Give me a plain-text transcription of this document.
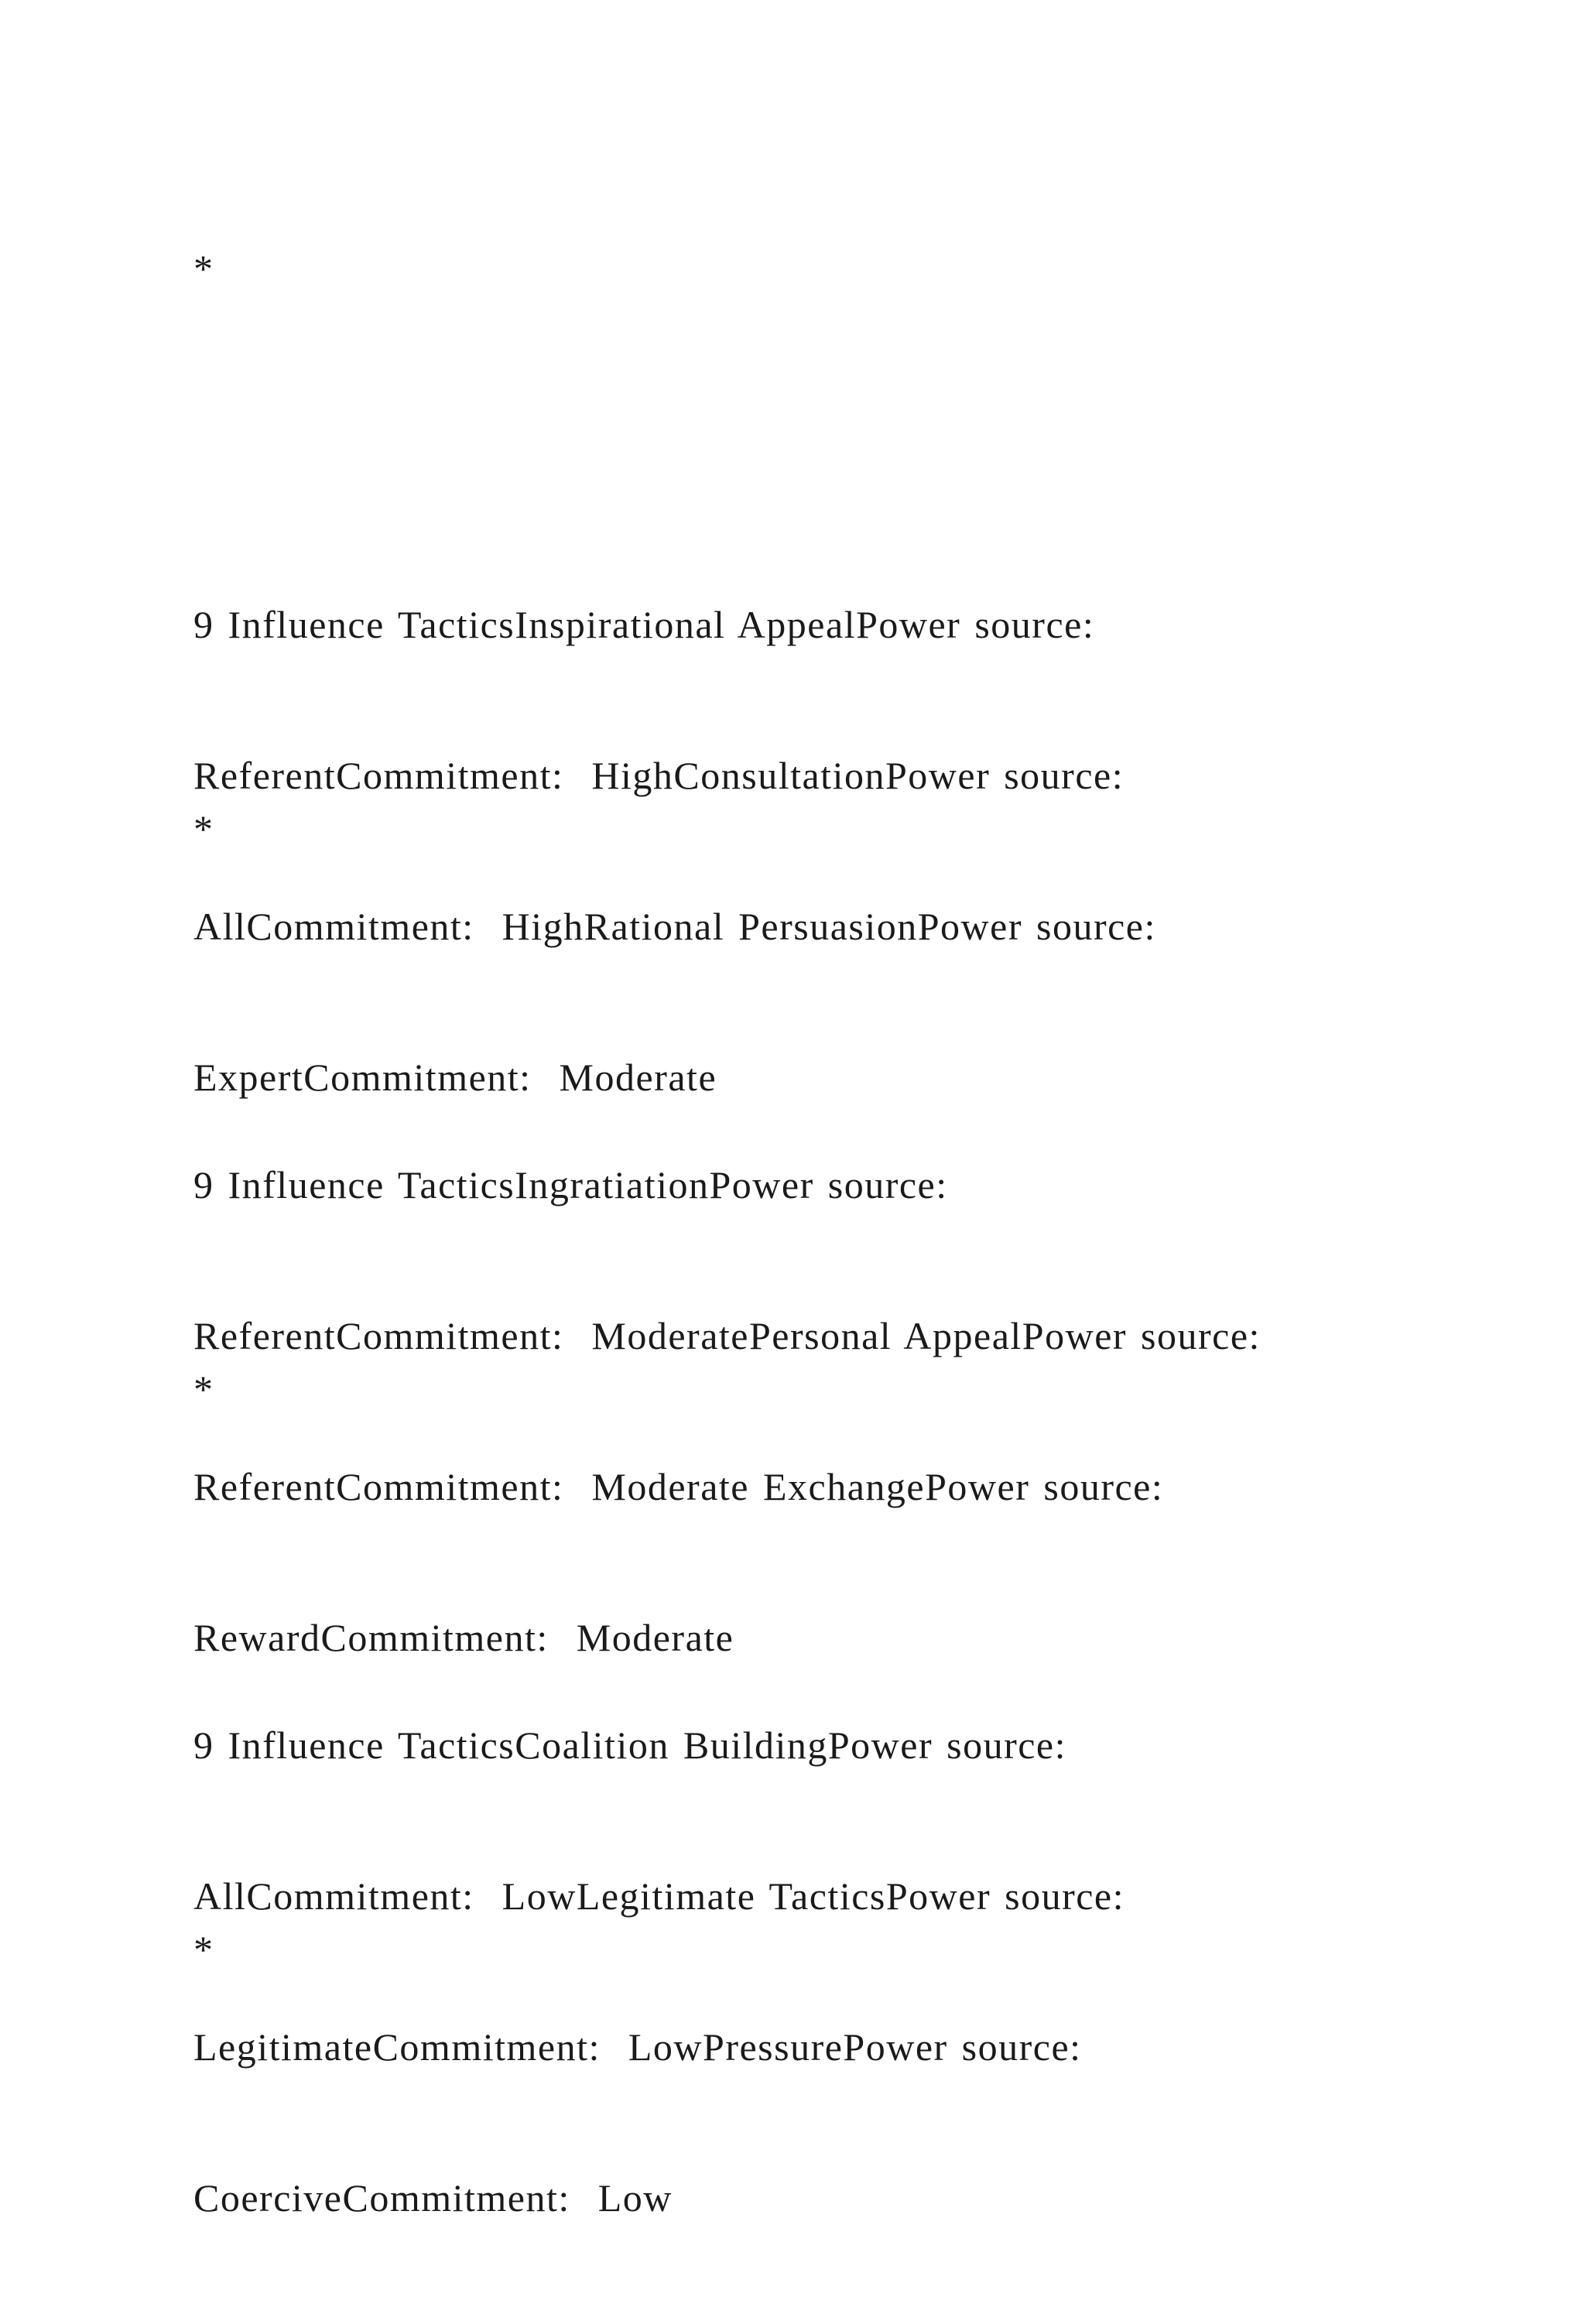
*

9 Influence TacticsInspirational AppealPower source:

ReferentCommitment:  HighConsultationPower source:

AllCommitment:  HighRational PersuasionPower source:

ExpertCommitment:  Moderate

*

9 Influence TacticsIngratiationPower source:

ReferentCommitment:  ModeratePersonal AppealPower source:

ReferentCommitment:  Moderate ExchangePower source:

RewardCommitment:  Moderate

*

9 Influence TacticsCoalition BuildingPower source:

AllCommitment:  LowLegitimate TacticsPower source:

LegitimateCommitment:  LowPressurePower source:

CoerciveCommitment:  Low

*
